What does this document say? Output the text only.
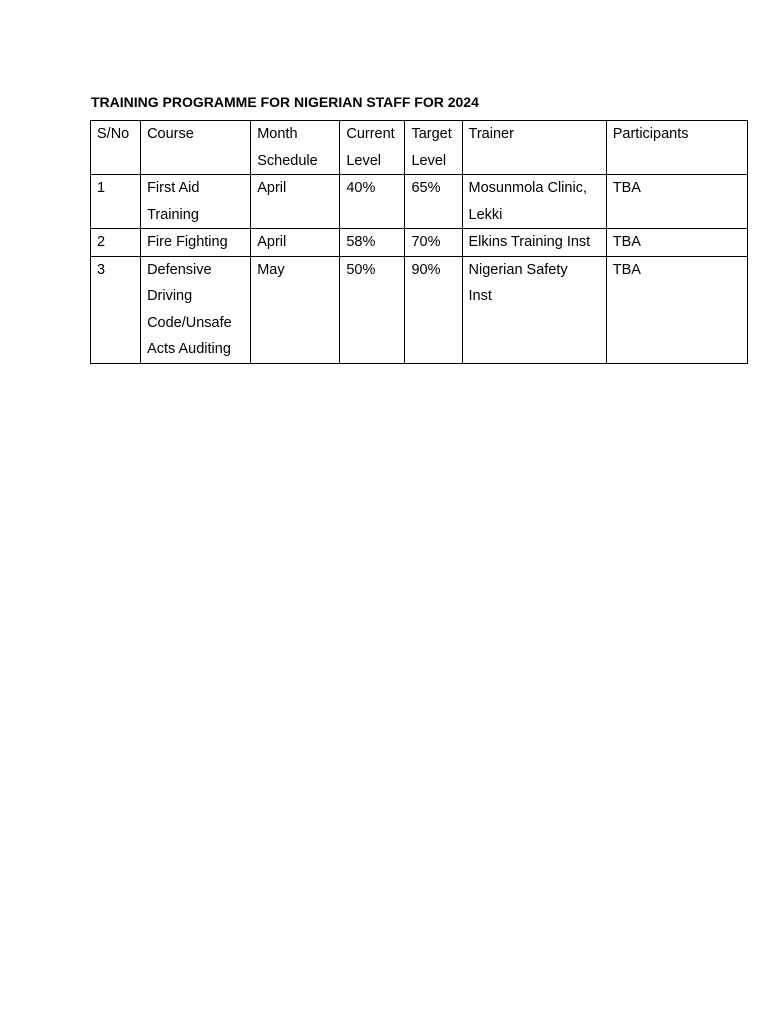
TRAINING PROGRAMME FOR NIGERIAN STAFF FOR 2024
S/No	Course	Month Schedule	Current Level	Target Level	Trainer	Participants
1	First Aid Training	April	40%	65%	Mosunmola Clinic, Lekki	TBA
2	Fire Fighting	April	58%	70%	Elkins Training Inst	TBA
3	Defensive Driving Code/Unsafe Acts Auditing	May	50%	90%	Nigerian Safety Inst	TBA
